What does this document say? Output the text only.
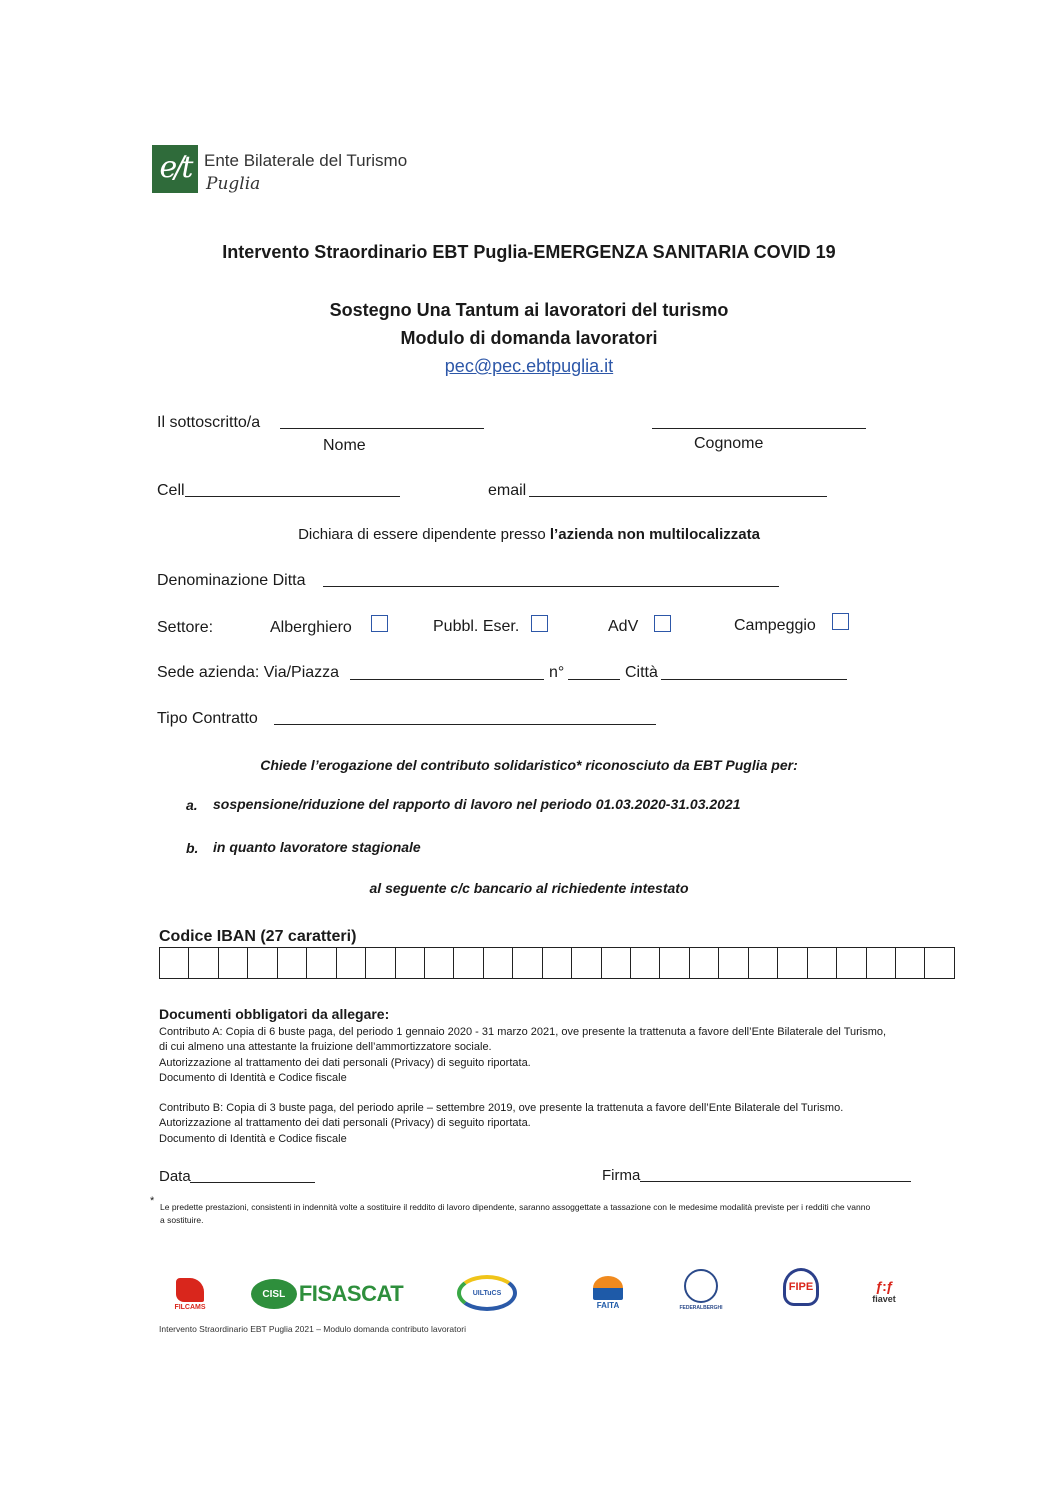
e/t Ente Bilaterale del Turismo
Puglia
Intervento Straordinario EBT Puglia-EMERGENZA SANITARIA COVID 19
Sostegno Una Tantum ai lavoratori del turismo
Modulo di domanda lavoratori
pec@pec.ebtpuglia.it
Il sottoscritto/a
Nome	Cognome
Cell	email
Dichiara di essere dipendente presso l’azienda non multilocalizzata
Denominazione Ditta
Settore:	Alberghiero	Pubbl. Eser.	AdV	Campeggio
Sede azienda: Via/Piazza	n°	Città
Tipo Contratto
Chiede l’erogazione del contributo solidaristico* riconosciuto da EBT Puglia per:
a. sospensione/riduzione del rapporto di lavoro nel periodo 01.03.2020-31.03.2021
b. in quanto lavoratore stagionale
al seguente c/c bancario al richiedente intestato
Codice IBAN (27 caratteri)
Documenti obbligatori da allegare:
Contributo A: Copia di 6 buste paga, del periodo 1 gennaio 2020 - 31 marzo 2021, ove presente la trattenuta a favore dell’Ente Bilaterale del Turismo,
di cui almeno una attestante la fruizione dell’ammortizzatore sociale.
Autorizzazione al trattamento dei dati personali (Privacy) di seguito riportata.
Documento di Identità e Codice fiscale
Contributo B: Copia di 3 buste paga, del periodo aprile – settembre 2019, ove presente la trattenuta a favore dell’Ente Bilaterale del Turismo.
Autorizzazione al trattamento dei dati personali (Privacy) di seguito riportata.
Documento di Identità e Codice fiscale
Data	Firma
* Le predette prestazioni, consistenti in indennità volte a sostituire il reddito di lavoro dipendente, saranno assoggettate a tassazione con le medesime modalità previste per i redditi che vanno
a sostituire.
FILCAMS
CISL FISASCAT	UILTuCS
FAITA	FEDERALBERGHI
FIPE	ƒ:ƒ
fiavet
Intervento Straordinario EBT Puglia 2021 – Modulo domanda contributo lavoratori
